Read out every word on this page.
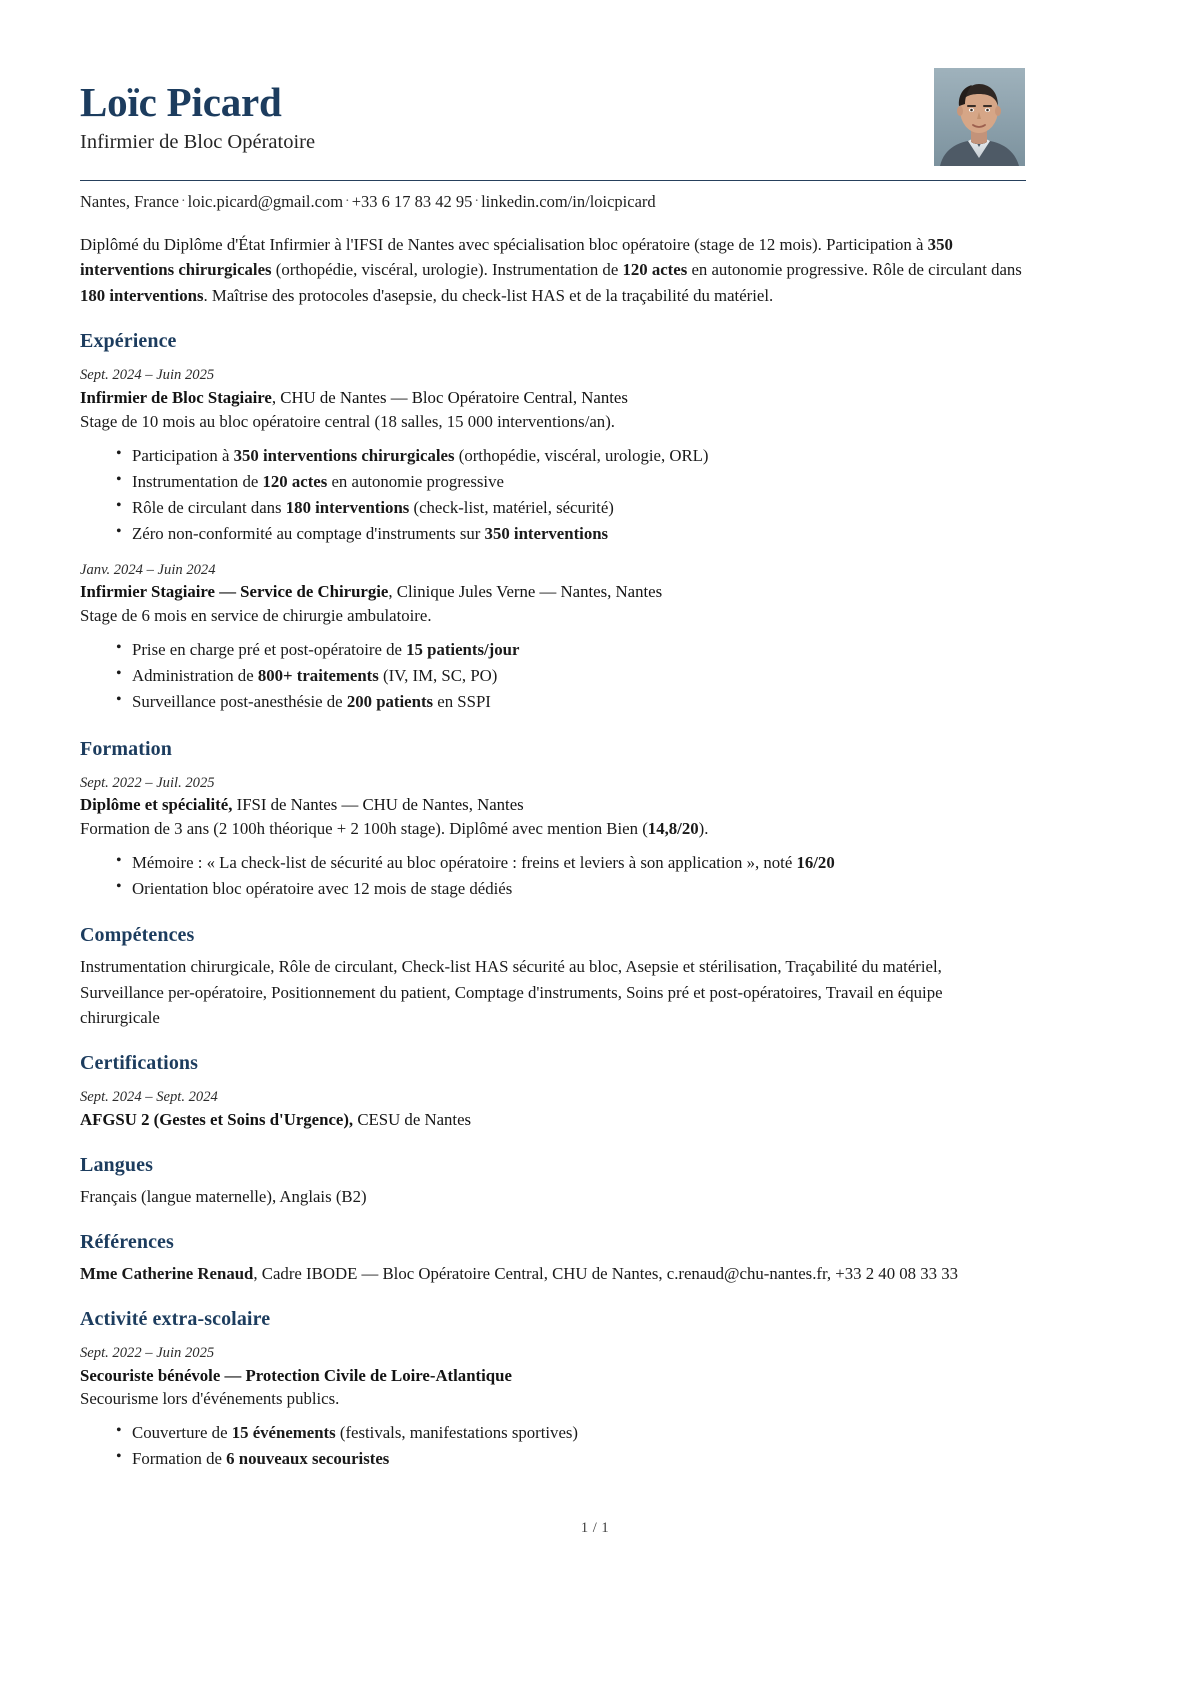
Loïc Picard
Infirmier de Bloc Opératoire
Nantes, France · loic.picard@gmail.com · +33 6 17 83 42 95 · linkedin.com/in/loicpicard
Diplômé du Diplôme d'État Infirmier à l'IFSI de Nantes avec spécialisation bloc opératoire (stage de 12 mois). Participation à 350 interventions chirurgicales (orthopédie, viscéral, urologie). Instrumentation de 120 actes en autonomie progressive. Rôle de circulant dans 180 interventions. Maîtrise des protocoles d'asepsie, du check-list HAS et de la traçabilité du matériel.
Expérience
Sept. 2024 – Juin 2025
Infirmier de Bloc Stagiaire, CHU de Nantes — Bloc Opératoire Central, Nantes
Stage de 10 mois au bloc opératoire central (18 salles, 15 000 interventions/an).
• Participation à 350 interventions chirurgicales (orthopédie, viscéral, urologie, ORL)
• Instrumentation de 120 actes en autonomie progressive
• Rôle de circulant dans 180 interventions (check-list, matériel, sécurité)
• Zéro non-conformité au comptage d'instruments sur 350 interventions
Janv. 2024 – Juin 2024
Infirmier Stagiaire — Service de Chirurgie, Clinique Jules Verne — Nantes, Nantes
Stage de 6 mois en service de chirurgie ambulatoire.
• Prise en charge pré et post-opératoire de 15 patients/jour
• Administration de 800+ traitements (IV, IM, SC, PO)
• Surveillance post-anesthésie de 200 patients en SSPI
Formation
Sept. 2022 – Juil. 2025
Diplôme et spécialité, IFSI de Nantes — CHU de Nantes, Nantes
Formation de 3 ans (2 100h théorique + 2 100h stage). Diplômé avec mention Bien (14,8/20).
• Mémoire : « La check-list de sécurité au bloc opératoire : freins et leviers à son application », noté 16/20
• Orientation bloc opératoire avec 12 mois de stage dédiés
Compétences
Instrumentation chirurgicale, Rôle de circulant, Check-list HAS sécurité au bloc, Asepsie et stérilisation, Traçabilité du matériel, Surveillance per-opératoire, Positionnement du patient, Comptage d'instruments, Soins pré et post-opératoires, Travail en équipe chirurgicale
Certifications
Sept. 2024 – Sept. 2024
AFGSU 2 (Gestes et Soins d'Urgence), CESU de Nantes
Langues
Français (langue maternelle), Anglais (B2)
Références
Mme Catherine Renaud, Cadre IBODE — Bloc Opératoire Central, CHU de Nantes, c.renaud@chu-nantes.fr, +33 2 40 08 33 33
Activité extra-scolaire
Sept. 2022 – Juin 2025
Secouriste bénévole — Protection Civile de Loire-Atlantique
Secourisme lors d'événements publics.
• Couverture de 15 événements (festivals, manifestations sportives)
• Formation de 6 nouveaux secouristes
1 / 1
